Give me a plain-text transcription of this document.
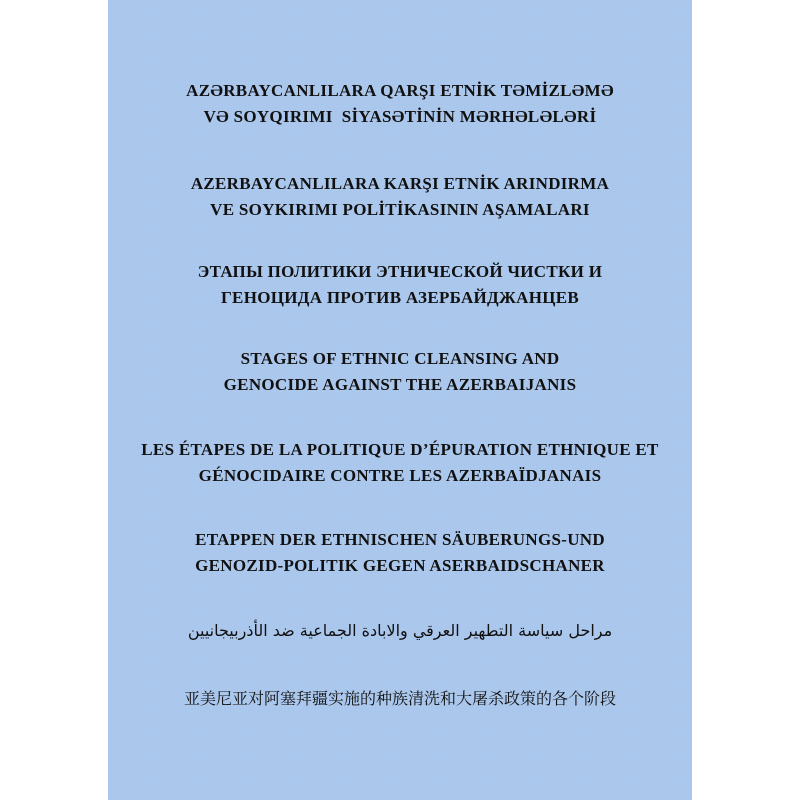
AZƏRBAYCANLILARA QARŞI ETNİK TƏMİZLƏMƏ
VƏ SOYQIRIMI  SİYASƏTİNİN MƏRHƏLƏLƏRİ
AZERBAYCANLILARA KARŞI ETNİK ARINDIRMA
VE SOYKIRIMI POLİTİKASININ AŞAMALARI
ЭТАПЫ ПОЛИТИКИ ЭТНИЧЕСКОЙ ЧИСТКИ И
ГЕНОЦИДА ПРОТИВ АЗЕРБАЙДЖАНЦЕВ
STAGES OF ETHNIC CLEANSING AND
GENOCIDE AGAINST THE AZERBAIJANIS
LES ÉTAPES DE LA POLITIQUE D’ÉPURATION ETHNIQUE ET
GÉNOCIDAIRE CONTRE LES AZERBAÏDJANAIS
ETAPPEN DER ETHNISCHEN SÄUBERUNGS-UND
GENOZID-POLITIK GEGEN ASERBAIDSCHANER
مراحل سياسة التطهير العرقي والابادة الجماعية ضد الأذربيجانيين
亚美尼亚对阿塞拜疆实施的种族清洗和大屠杀政策的各个阶段
